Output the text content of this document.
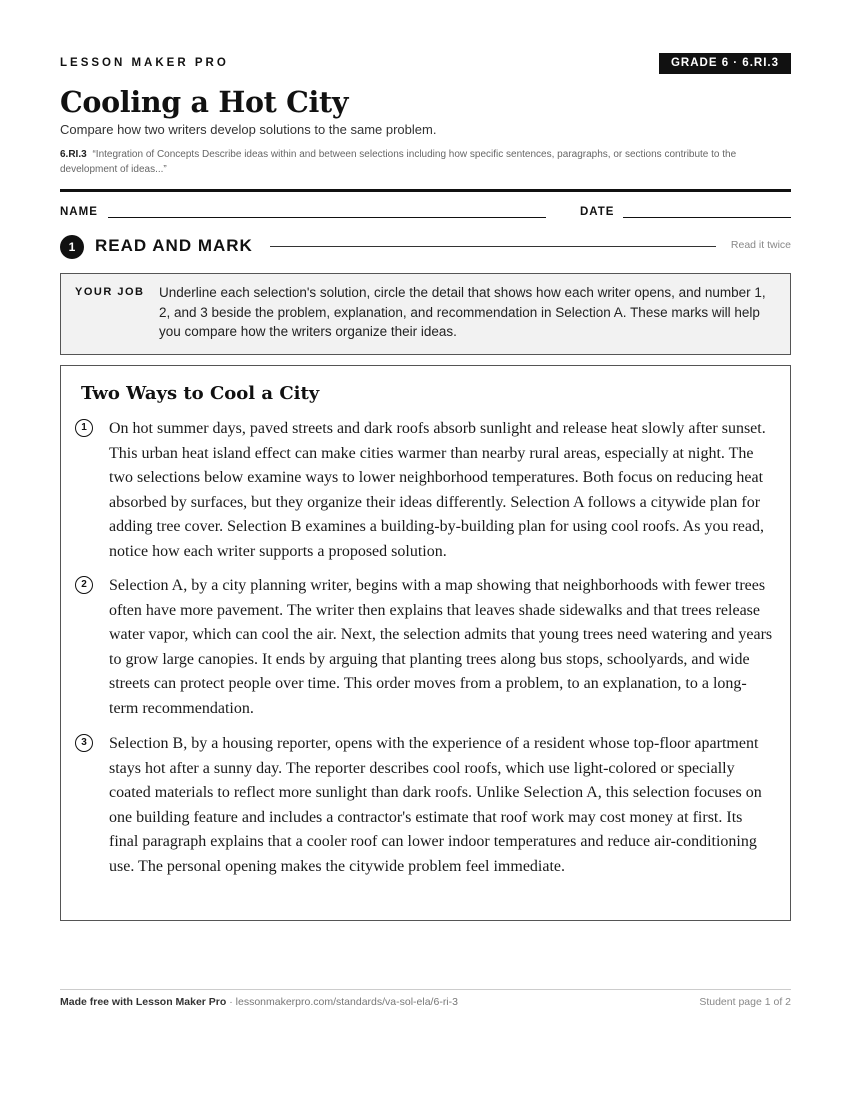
LESSON MAKER PRO	GRADE 6 · 6.RI.3
Cooling a Hot City
Compare how two writers develop solutions to the same problem.
6.RI.3 “Integration of Concepts Describe ideas within and between selections including how specific sentences, paragraphs, or sections contribute to the development of ideas...”
NAME	DATE
1	READ AND MARK	Read it twice
YOUR JOB Underline each selection's solution, circle the detail that shows how each writer opens, and number 1, 2, and 3 beside the problem, explanation, and recommendation in Selection A. These marks will help you compare how the writers organize their ideas.
Two Ways to Cool a City
1	On hot summer days, paved streets and dark roofs absorb sunlight and release heat slowly after sunset. This urban heat island effect can make cities warmer than nearby rural areas, especially at night. The two selections below examine ways to lower neighborhood temperatures. Both focus on reducing heat absorbed by surfaces, but they organize their ideas differently. Selection A follows a citywide plan for adding tree cover. Selection B examines a building-by-building plan for using cool roofs. As you read, notice how each writer supports a proposed solution.

2	Selection A, by a city planning writer, begins with a map showing that neighborhoods with fewer trees often have more pavement. The writer then explains that leaves shade sidewalks and that trees release water vapor, which can cool the air. Next, the selection admits that young trees need watering and years to grow large canopies. It ends by arguing that planting trees along bus stops, schoolyards, and wide streets can protect people over time. This order moves from a problem, to an explanation, to a long-term recommendation.

3	Selection B, by a housing reporter, opens with the experience of a resident whose top-floor apartment stays hot after a sunny day. The reporter describes cool roofs, which use light-colored or specially coated materials to reflect more sunlight than dark roofs. Unlike Selection A, this selection focuses on one building feature and includes a contractor's estimate that roof work may cost money at first. Its final paragraph explains that a cooler roof can lower indoor temperatures and reduce air-conditioning use. The personal opening makes the citywide problem feel immediate.

Made free with Lesson Maker Pro · lessonmakerpro.com/standards/va-sol-ela/6-ri-3	Student page 1 of 2
